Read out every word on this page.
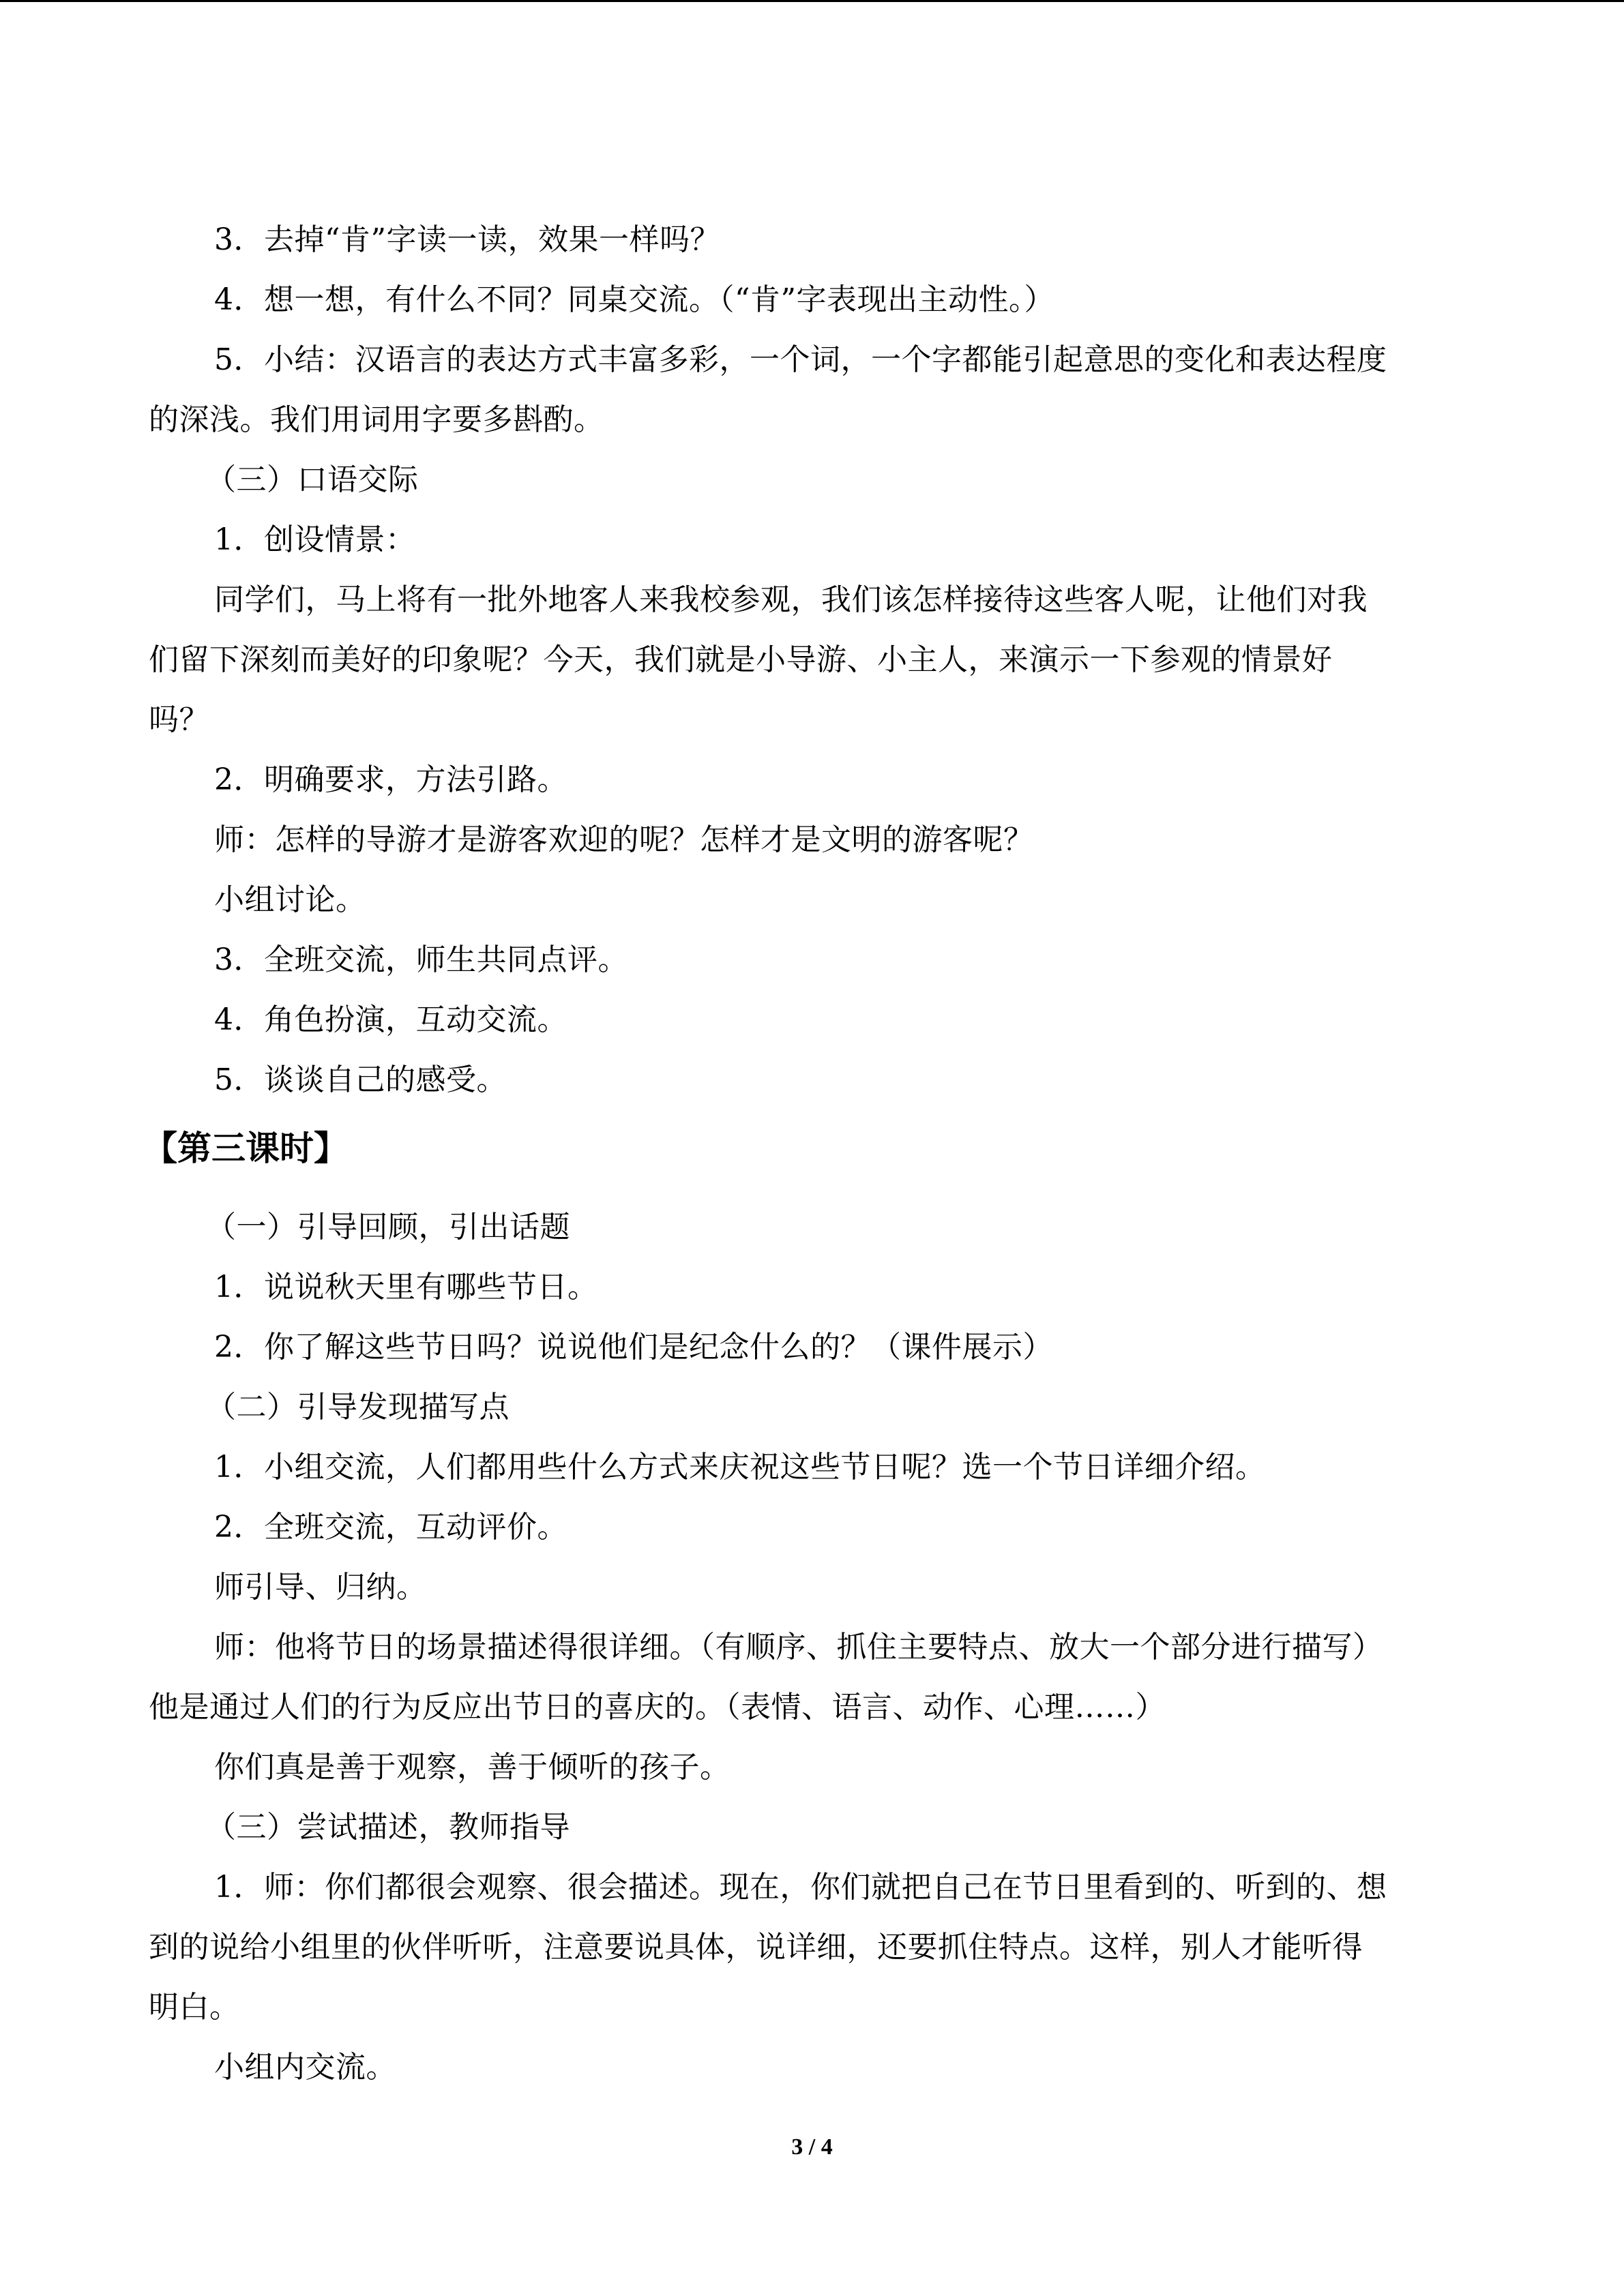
3．去掉“肯”字读一读，效果一样吗？
4．想一想，有什么不同？同桌交流。（“肯”字表现出主动性。）
5．小结：汉语言的表达方式丰富多彩，一个词，一个字都能引起意思的变化和表达程度
的深浅。我们用词用字要多斟酌。
（三）口语交际
1．创设情景：
同学们，马上将有一批外地客人来我校参观，我们该怎样接待这些客人呢，让他们对我
们留下深刻而美好的印象呢？今天，我们就是小导游、小主人，来演示一下参观的情景好
吗？
2．明确要求，方法引路。
师：怎样的导游才是游客欢迎的呢？怎样才是文明的游客呢？
小组讨论。
3．全班交流，师生共同点评。
4．角色扮演，互动交流。
5．谈谈自己的感受。
【第三课时】
（一）引导回顾，引出话题
1．说说秋天里有哪些节日。
2．你了解这些节日吗？说说他们是纪念什么的？（课件展示）
（二）引导发现描写点
1．小组交流，人们都用些什么方式来庆祝这些节日呢？选一个节日详细介绍。
2．全班交流，互动评价。
师引导、归纳。
师：他将节日的场景描述得很详细。（有顺序、抓住主要特点、放大一个部分进行描写）
他是通过人们的行为反应出节日的喜庆的。（表情、语言、动作、心理……）
你们真是善于观察，善于倾听的孩子。
（三）尝试描述，教师指导
1．师：你们都很会观察、很会描述。现在，你们就把自己在节日里看到的、听到的、想
到的说给小组里的伙伴听听，注意要说具体，说详细，还要抓住特点。这样，别人才能听得
明白。
小组内交流。
3 / 4
